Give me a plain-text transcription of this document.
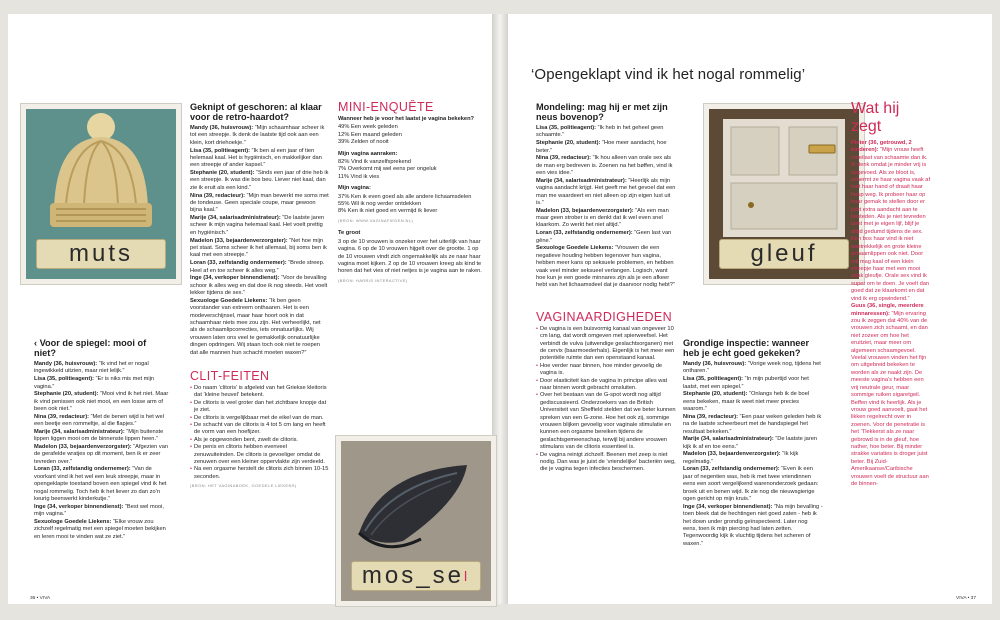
‘Opengeklapt vind ik het nogal rommelig’
muts	gleuf
mos_se l
‹ Voor de spiegel: mooi of niet?

Mandy (36, huisvrouw): “Ik vind het er nogal ingewikkeld uitzien, maar niet lelijk.”

Lisa (35, politieagent): “Er is niks mis met mijn vagina.”

Stephanie (20, student): “Mooi vind ik het niet. Maar ik vind penissen ook niet mooi, en een losse arm of been ook niet.”

Nina (39, redacteur): “Met de benen wijd is het wel een beetje een rommeltje, al die flapjes.”

Marije (34, salarisadministrateur): “Mijn buitenste lippen liggen mooi om de binnenste lippen heen.”

Madelon (33, bejaardenverzorgster): “Afgezien van de gerafelde wratjes op dit moment, ben ik er zeer tevreden over.”

Loran (33, zelfstandig ondernemer): “Van de voorkant vind ik het wel een leuk streepje, maar in opengeklapte toestand boven een spiegel vind ik het nogal rommelig. Toch heb ik het liever zo dan zo’n keurig beenwerkt kinderkutje.”

Inge (34, verkoper binnendienst): “Best wel mooi, mijn vagina.”

Sexuologe Goedele Liekens: “Elke vrouw zou zichzelf regelmatig met een spiegel moeten bekijken en leren mooi te vinden wat ze ziet.”

Geknipt of geschoren: al klaar voor de retro-haardot?

Mandy (36, huisvrouw): “Mijn schaamhaar scheer ik tot een streepje. Ik denk de laatste tijd ook aan een klein, kort driehoekje.”

Lisa (35, politieagent): “Ik ben al een jaar of tien helemaal kaal. Het is hygiënisch, en makkelijker dan een streepje of ander kapsel.”

Stephanie (20, student): “Sinds een jaar of drie heb ik een streepje. Ik was die bos beu. Liever niet kaal, dan zie ik eruit als een kind.”

Nina (39, redacteur): “Mijn man bewerkt me soms met de tondeuse. Geen speciale coupe, maar gewoon bijna kaal.”

Marije (34, salarisadministrateur): “De laatste jaren scheer ik mijn vagina helemaal kaal. Het voelt prettig en hygiënisch.”

Madelon (33, bejaardenverzorgster): “Net hoe mijn pet staat. Soms scheer ik het allemaal, bij soms ben ik kaal met een streepje.”

Loran (33, zelfstandig ondernemer): “Brede streep. Heel af en toe scheer ik alles weg.”

Inge (34, verkoper binnendienst): “Voor de bevalling schoor ik alles weg en dat doe ik nog steeds. Het voelt lekker tijdens de sex.”

Sexuologe Goedele Liekens: “Ik ben geen voorstander van extreem onthaaren. Het is een modeverschijnsel, maar haar hoort ook in dat schaamhaar niets mee zou zijn. Het verheerlijkt, net als de schaamlipcorrecties, iets onnatuurlijks. Wij vrouwen laten ons veel te gemakkelijk onnatuurlijke dingen opdringen. Wij staan toch ook niet te roepen dat alle mannen hun schacht moeten waxen?”

CLIT-FEITEN
• Do naam ‘clitoris’ is afgeleid van het Griekse kleitoris dat ‘kleine heuvel’ betekent.
• De clitoris is veel groter dan het zichtbare knopje dat je ziet.
• De clitoris is vergelijkbaar met de eikel van de man.
• De schacht van de clitoris is 4 tot 5 cm lang en heeft de vorm van een hoefijzer.
• Als je opgewonden bent, zwelt de clitoris.
• De penis en clitoris hebben evenveel zenuwuiteinden. De clitoris is gevoeliger omdat de zenuwen over een kleiner oppervlakte zijn verdeeld.
• Na een orgasme herstelt de clitoris zich binnen 10-15 seconden.
(BRON: HET VAGINABOEK, GOEDELE LIEKENS)
MINI-ENQUÊTE
Wanneer heb je voor het laatst je vagina bekeken?
49% Een week geleden
12% Een maand geleden
39% Zelden of nooit
Mijn vagina aanraken:
82% Vind ik vanzelfsprekend
7% Overkomt mij wel eens per ongeluk
11% Vind ik vies
Mijn vagina:
37% Ken ik even goed als alle andere lichaamsdelen
55% Wil ik nog verder ontdekken
8% Ken ik niet goed en vermijd ik liever
(BRON: WWW.VAGINAFIEDEN.NL)
Te groot
3 op de 10 vrouwen is onzeker over het uiterlijk van haar vagina. 6 op de 10 vrouwen hijgelt over de grootte. 1 op de 10 vrouwen vindt zich ongemakkelijk als ze naar haar vagina moet kijken. 2 op de 10 vrouwen kreeg als kind te horen dat het vies of niet netjes is je vagina aan te raken.
(BRON: HARRIS INTERACTIVE)
Mondeling: mag hij er met zijn neus bovenop?

Lisa (35, politieagent): “Ik heb in het geheel geen schaamte.”

Stephanie (20, student): “Hoe meer aandacht, hoe beter.”

Nina (39, redacteur): “Ik hou alleen van orale sex als de man erg bedreven is. Zoenen na het bøffen, vind ik een vies idee.”

Marije (34, salarisadministrateur): “Heerlijk als mijn vagina aandacht krijgt. Het geeft me het gevoel dat een man me waardeert en niet alleen op zijn eigen lust uit is.”

Madelon (33, bejaardenverzorgster): “Als een man maar geen strober is en denkt dat ik wel even snel klaarkom. Zo werkt het niet altijd.”

Loran (33, zelfstandig ondernemer): “Geen last van gêne.”

Sexuologe Goedele Liekens: “Vrouwen die een negatieve houding hebben tegenover hun vagina, hebben meer kans op seksuele problemen, en hebben vaak veel minder seksueel verlangen. Logisch, want hoe kun je een goede minnares zijn als je een afkeer hebt van het lichaamsdeel dat je daarvoor nodig hebt?”

VAGINAARDIGHEDEN
• De vagina is een buisvormig kanaal van ongeveer 10 cm lang, dat wordt omgeven met spierweefsel. Het verbindt de vulva (uitwendige geslachtsorganen) met de cervix (baarmoederhals). Eigenlijk is het meer een potentiële ruimte dan een openstaand kanaal.
• Hoe verder naar binnen, hoe minder gevoelig de vagina is.
• Door elasticiteit kan de vagina in principe alles wat naar binnen wordt gebracht omsluiten.
• Over het bestaan van de G-spot wordt nog altijd gediscussieerd. Onderzoekers van de British Universiteit van Sheffield stelden dat we beter kunnen spreken van een G-zone. Hoe het ook zij, sommige vrouwen blijken gevoelig voor vaginale stimulatie en kunnen een orgasme bereiken tijdens de geslachtsgemeenschap, terwijl bij andere vrouwen stimulans van de clitoris essentieel is.
• De vagina reinigt zichzelf. Beenen met zeep is niet nodig. Dan was je juist de ‘vriendelijke’ bacteriën weg, die je vagina tegen infecties beschermen.
Grondige inspectie: wanneer heb je echt goed gekeken?

Mandy (36, huisvrouw): “Vorige week nog, tijdens het ontharen.”

Lisa (35, politieagent): “In mijn pubertijd voor het laatst, met een spiegel.”

Stephanie (20, student): “Onlangs heb ik de boel eens bekeken, maar ik weet niet meer precies waarom.”

Nina (39, redacteur): “Een paar weken geleden heb ik na de laatste scheerbeurt met de handspiegel het resultaat bekeken.”

Marije (34, salarisadministrateur): “De laatste jaren kijk ik af en toe eens.”

Madelon (33, bejaardenverzorgster): “Ik kijk regelmatig.”

Loran (33, zelfstandig ondernemer): “Even ik een jaar of negentien was, heb ik met twee vriendinnen eens een soort vergelijkend warenonderzoek gedaan: broek uit en benen wijd. Ik zie nog die nieuwsgierige ogen gericht op mijn kruis.”

Inge (34, verkoper binnendienst): “Na mijn bevalling - toen bleek dat de hechtingen niet goed zaten - heb ik het down under grondig geïnspecteerd. Later nog eens, toen ik mijn piercing had laten zetten. Tegenwoordig kijk ik vluchtig tijdens het scheren of waxen.”

Wat hij zegt

Pieter (36, getrouwd, 2 kinderen): “Mijn vrouw heeft moeilast van schaamte dan ik. Ik denk omdat je minder vrij is opgevoed. Als ze bloot is, schermt ze haar vagina vaak af met haar hand of draait haar heup weg. Ik probeer haar op haar gemak te stellen door er juist extra aandacht aan te besteden. Als je niet tevreden bent met je eigen lijf, blijf je altijd gedumd tijdens de sex. Een bos haar vind ik niet aantrekkelijk en grote kleine schaamlippen ook niet. Door mij mag kaal of een klein streepje haar met een mooi strak gleufje. Orale sex vind ik super om te doen. Je voelt dan goed dat ze klaarkomt en dat vind ik erg opwindend.”

Guus (36, single, meerdere minnaressen): “Mijn ervaring zou ik zeggen dat 40% van de vrouwen zich schaamt, en dan niet zozeer om hoe het eruitziet, maar meer om algemeen schaamgevoel. Veelal vrouwen vinden het fijn om uitgebreid bekeken te worden als ze naakt zijn. De meeste vagina’s hebben een vrij neutrale geur, maar sommige ruiken sigaretgeil. Beffen vind ik heerlijk. Als je vrouw goed aanvoelt, gaat het likken regelrecht over in zoenen. Voor de penetratie is het ‘Tlekkerst als ze naar gebrowd is in de gleuf, hoe nather, hoe beter. Bij minder strakke variaties is droger juist beter. Bij Zuid-Amerikaanse/Caribische vrouwen voelt de structuur aan de binnen-

36 • VIVA	VIVA • 37
